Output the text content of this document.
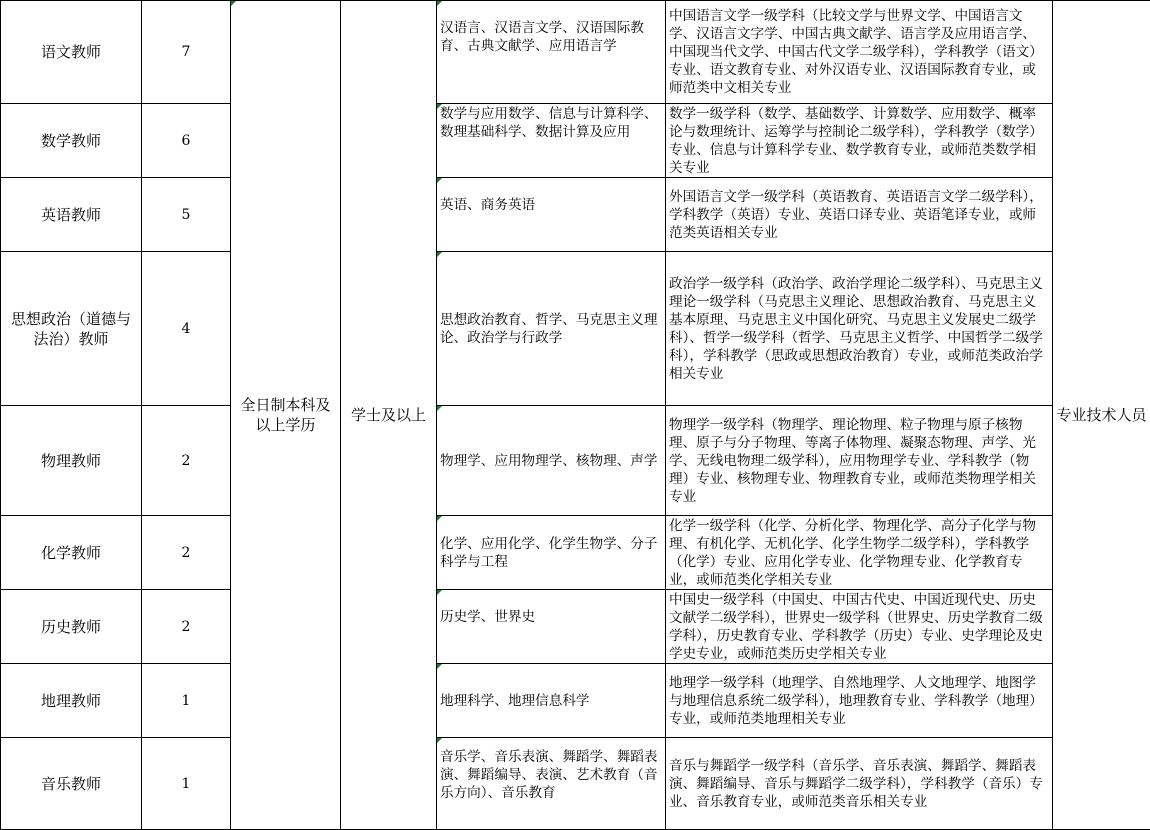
语文教师	7	全日制本科及以上学历	学士及以上	汉语言、汉语言文学、汉语国际教育、古典文献学、应用语言学	中国语言文学一级学科（比较文学与世界文学、中国语言文学、汉语言文字学、中国古典文献学、语言学及应用语言学、中国现当代文学、中国古代文学二级学科），学科教学（语文）专业、语文教育专业、对外汉语专业、汉语国际教育专业，或师范类中文相关专业	专业技术人员
数学教师	6			数学与应用数学、信息与计算科学、数理基础科学、数据计算及应用	数学一级学科（数学、基础数学、计算数学、应用数学、概率论与数理统计、运筹学与控制论二级学科），学科教学（数学）专业、信息与计算科学专业、数学教育专业，或师范类数学相关专业	
英语教师	5			英语、商务英语	外国语言文学一级学科（英语教育、英语语言文学二级学科），学科教学（英语）专业、英语口译专业、英语笔译专业，或师范类英语相关专业	
思想政治（道德与法治）教师	4			思想政治教育、哲学、马克思主义理论、政治学与行政学	政治学一级学科（政治学、政治学理论二级学科）、马克思主义理论一级学科（马克思主义理论、思想政治教育、马克思主义基本原理、马克思主义中国化研究、马克思主义发展史二级学科）、哲学一级学科（哲学、马克思主义哲学、中国哲学二级学科），学科教学（思政或思想政治教育）专业，或师范类政治学相关专业	
物理教师	2			物理学、应用物理学、核物理、声学	物理学一级学科（物理学、理论物理、粒子物理与原子核物理、原子与分子物理、等离子体物理、凝聚态物理、声学、光学、无线电物理二级学科），应用物理学专业、学科教学（物理）专业、核物理专业、物理教育专业，或师范类物理学相关专业	
化学教师	2			化学、应用化学、化学生物学、分子科学与工程	化学一级学科（化学、分析化学、物理化学、高分子化学与物理、有机化学、无机化学、化学生物学二级学科），学科教学（化学）专业、应用化学专业、化学物理专业、化学教育专业，或师范类化学相关专业	
历史教师	2			历史学、世界史	中国史一级学科（中国史、中国古代史、中国近现代史、历史文献学二级学科），世界史一级学科（世界史、历史学教育二级学科），历史教育专业、学科教学（历史）专业、史学理论及史学史专业，或师范类历史学相关专业	
地理教师	1			地理科学、地理信息科学	地理学一级学科（地理学、自然地理学、人文地理学、地图学与地理信息系统二级学科），地理教育专业、学科教学（地理）专业，或师范类地理相关专业	
音乐教师	1			音乐学、音乐表演、舞蹈学、舞蹈表演、舞蹈编导、表演、艺术教育（音乐方向）、音乐教育	音乐与舞蹈学一级学科（音乐学、音乐表演、舞蹈学、舞蹈表演、舞蹈编导、音乐与舞蹈学二级学科），学科教学（音乐）专业、音乐教育专业，或师范类音乐相关专业	
